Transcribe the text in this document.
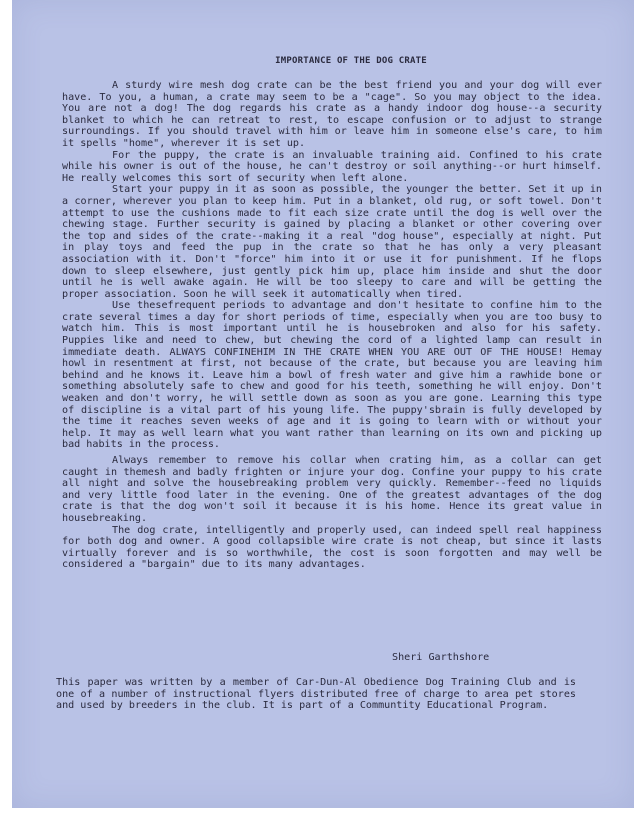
IMPORTANCE OF THE DOG CRATE

A sturdy wire mesh dog crate can be the best friend you and your dog will ever have. To you, a human, a crate may seem to be a "cage". So you may object to the idea. You are not a dog! The dog regards his crate as a handy indoor dog house--a security blanket to which he can retreat to rest, to escape confusion or to adjust to strange surroundings. If you should travel with him or leave him in someone else's care, to him it spells "home", wherever it is set up.

For the puppy, the crate is an invaluable training aid. Confined to his crate while his owner is out of the house, he can't destroy or soil anything--or hurt himself. He really welcomes this sort of security when left alone.

Start your puppy in it as soon as possible, the younger the better. Set it up in a corner, wherever you plan to keep him. Put in a blanket, old rug, or soft towel. Don't attempt to use the cushions made to fit each size crate until the dog is well over the chewing stage. Further security is gained by placing a blanket or other covering over the top and sides of the crate--making it a real "dog house", especially at night. Put in play toys and feed the pup in the crate so that he has only a very pleasant association with it. Don't "force" him into it or use it for punishment. If he flops down to sleep elsewhere, just gently pick him up, place him inside and shut the door until he is well awake again. He will be too sleepy to care and will be getting the proper association. Soon he will seek it automatically when tired.

Use thesefrequent periods to advantage and don't hesitate to confine him to the crate several times a day for short periods of time, especially when you are too busy to watch him. This is most important until he is housebroken and also for his safety. Puppies like and need to chew, but chewing the cord of a lighted lamp can result in immediate death. ALWAYS CONFINEHIM IN THE CRATE WHEN YOU ARE OUT OF THE HOUSE! Hemay howl in resentment at first, not because of the crate, but because you are leaving him behind and he knows it. Leave him a bowl of fresh water and give him a rawhide bone or something absolutely safe to chew and good for his teeth, something he will enjoy. Don't weaken and don't worry, he will settle down as soon as you are gone. Learning this type of discipline is a vital part of his young life. The puppy'sbrain is fully developed by the time it reaches seven weeks of age and it is going to learn with or without your help. It may as well learn what you want rather than learning on its own and picking up bad habits in the process.

Always remember to remove his collar when crating him, as a collar can get caught in themesh and badly frighten or injure your dog. Confine your puppy to his crate all night and solve the housebreaking problem very quickly. Remember--feed no liquids and very little food later in the evening. One of the greatest advantages of the dog crate is that the dog won't soil it because it is his home. Hence its great value in housebreaking.

The dog crate, intelligently and properly used, can indeed spell real happiness for both dog and owner. A good collapsible wire crate is not cheap, but since it lasts virtually forever and is so worthwhile, the cost is soon forgotten and may well be considered a "bargain" due to its many advantages.

Sheri Garthshore

This paper was written by a member of Car-Dun-Al Obedience Dog Training Club and is one of a number of instructional flyers distributed free of charge to area pet stores and used by breeders in the club. It is part of a Communtity Educational Program.
